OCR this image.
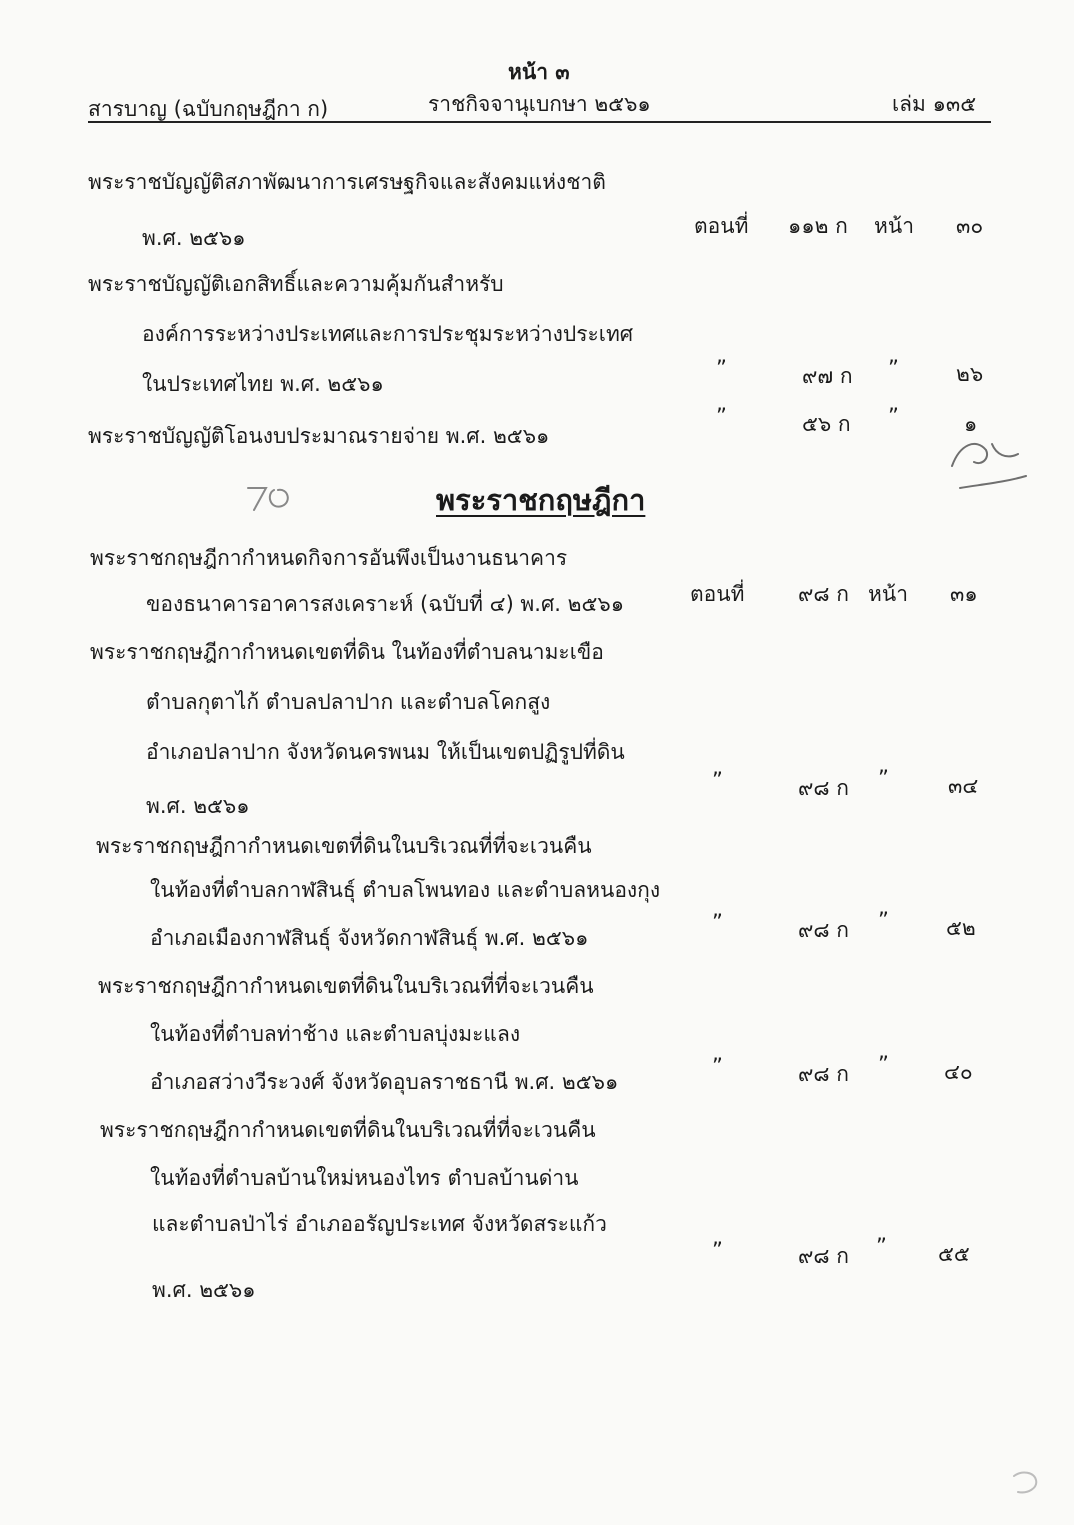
หน้า ๓
สารบาญ (ฉบับกฤษฎีกา ก)	ราชกิจจานุเบกษา ๒๕๖๑	เล่ม ๑๓๕
พระราชบัญญัติสภาพัฒนาการเศรษฐกิจและสังคมแห่งชาติ
พ.ศ. ๒๕๖๑	ตอนที่ ๑๑๒ ก หน้า ๓๐
พระราชบัญญัติเอกสิทธิ์และความคุ้มกันสำหรับ
องค์การระหว่างประเทศและการประชุมระหว่างประเทศ
ในประเทศไทย พ.ศ. ๒๕๖๑
”	๙๗ ก ”	๒๖
พระราชบัญญัติโอนงบประมาณรายจ่าย พ.ศ. ๒๕๖๑
”	๕๖ ก ”	๑
พระราชกฤษฎีกา
พระราชกฤษฎีกากำหนดกิจการอันพึงเป็นงานธนาคาร
ของธนาคารอาคารสงเคราะห์ (ฉบับที่ ๔) พ.ศ. ๒๕๖๑	ตอนที่	๙๘ ก หน้า ๓๑
พระราชกฤษฎีกากำหนดเขตที่ดิน ในท้องที่ตำบลนามะเขือ
ตำบลกุตาไก้ ตำบลปลาปาก และตำบลโคกสูง
อำเภอปลาปาก จังหวัดนครพนม ให้เป็นเขตปฏิรูปที่ดิน
พ.ศ. ๒๕๖๑
”	๙๘ ก ”	๓๔
พระราชกฤษฎีกากำหนดเขตที่ดินในบริเวณที่ที่จะเวนคืน
ในท้องที่ตำบลกาฬสินธุ์ ตำบลโพนทอง และตำบลหนองกุง
อำเภอเมืองกาฬสินธุ์ จังหวัดกาฬสินธุ์ พ.ศ. ๒๕๖๑
”	๙๘ ก ”	๕๒
พระราชกฤษฎีกากำหนดเขตที่ดินในบริเวณที่ที่จะเวนคืน
ในท้องที่ตำบลท่าช้าง และตำบลบุ่งมะแลง
อำเภอสว่างวีระวงศ์ จังหวัดอุบลราชธานี พ.ศ. ๒๕๖๑
”	๙๘ ก ”	๔๐
พระราชกฤษฎีกากำหนดเขตที่ดินในบริเวณที่ที่จะเวนคืน
ในท้องที่ตำบลบ้านใหม่หนองไทร ตำบลบ้านด่าน
และตำบลป่าไร่ อำเภออรัญประเทศ จังหวัดสระแก้ว
พ.ศ. ๒๕๖๑
”	๙๘ ก ” ๕๕
